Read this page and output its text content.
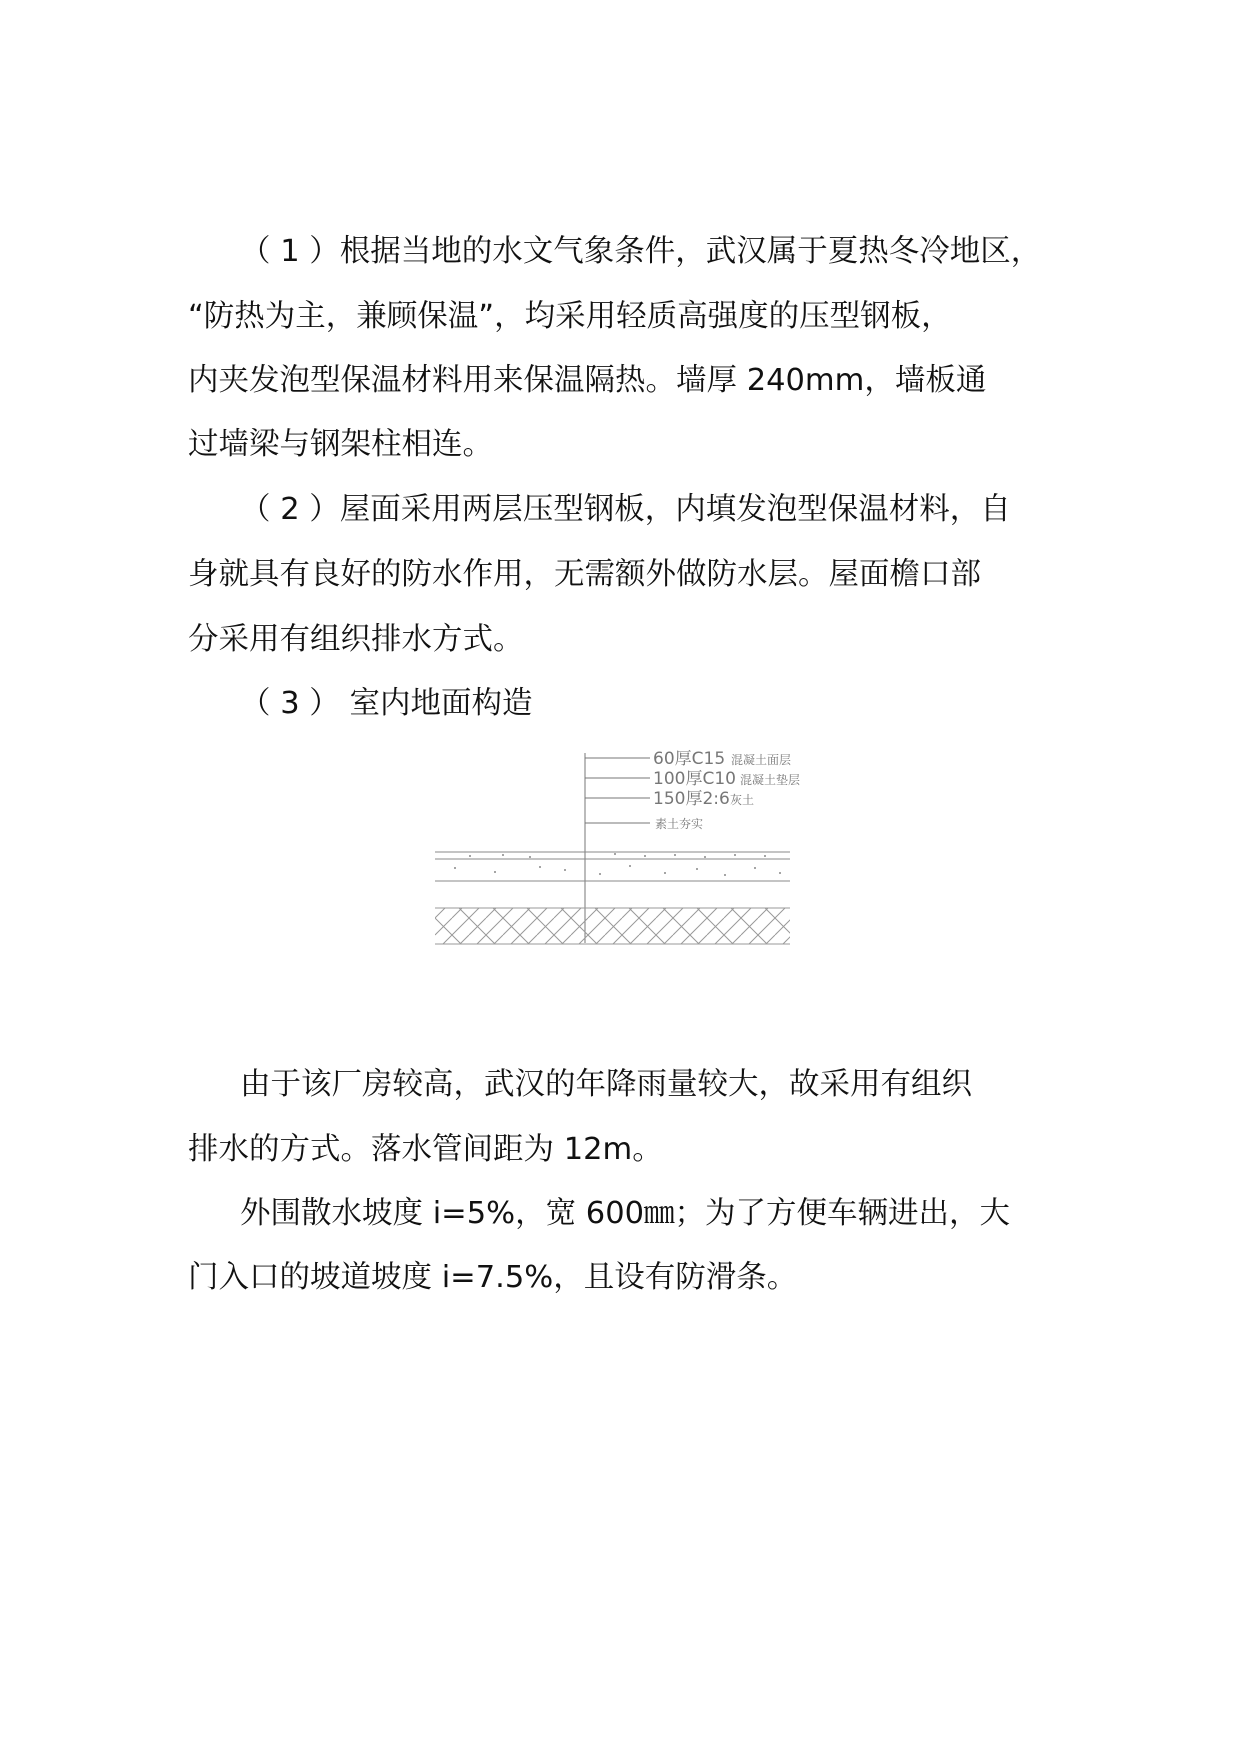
（ 1 ）根据当地的水文气象条件，武汉属于夏热冬冷地区，
“防热为主，兼顾保温”，均采用轻质高强度的压型钢板，
内夹发泡型保温材料用来保温隔热。墙厚 240mm，墙板通
过墙梁与钢架柱相连。
（ 2 ）屋面采用两层压型钢板，内填发泡型保温材料，自
身就具有良好的防水作用，无需额外做防水层。屋面檐口部
分采用有组织排水方式。
（ 3 ） 室内地面构造
60厚C15 混凝土面层
100厚C10 混凝土垫层
150厚2:6 灰土
素土夯实
由于该厂房较高，武汉的年降雨量较大，故采用有组织
排水的方式。落水管间距为 12m。
外围散水坡度 i=5%，宽 600㎜；为了方便车辆进出，大
门入口的坡道坡度 i=7.5%，且设有防滑条。
